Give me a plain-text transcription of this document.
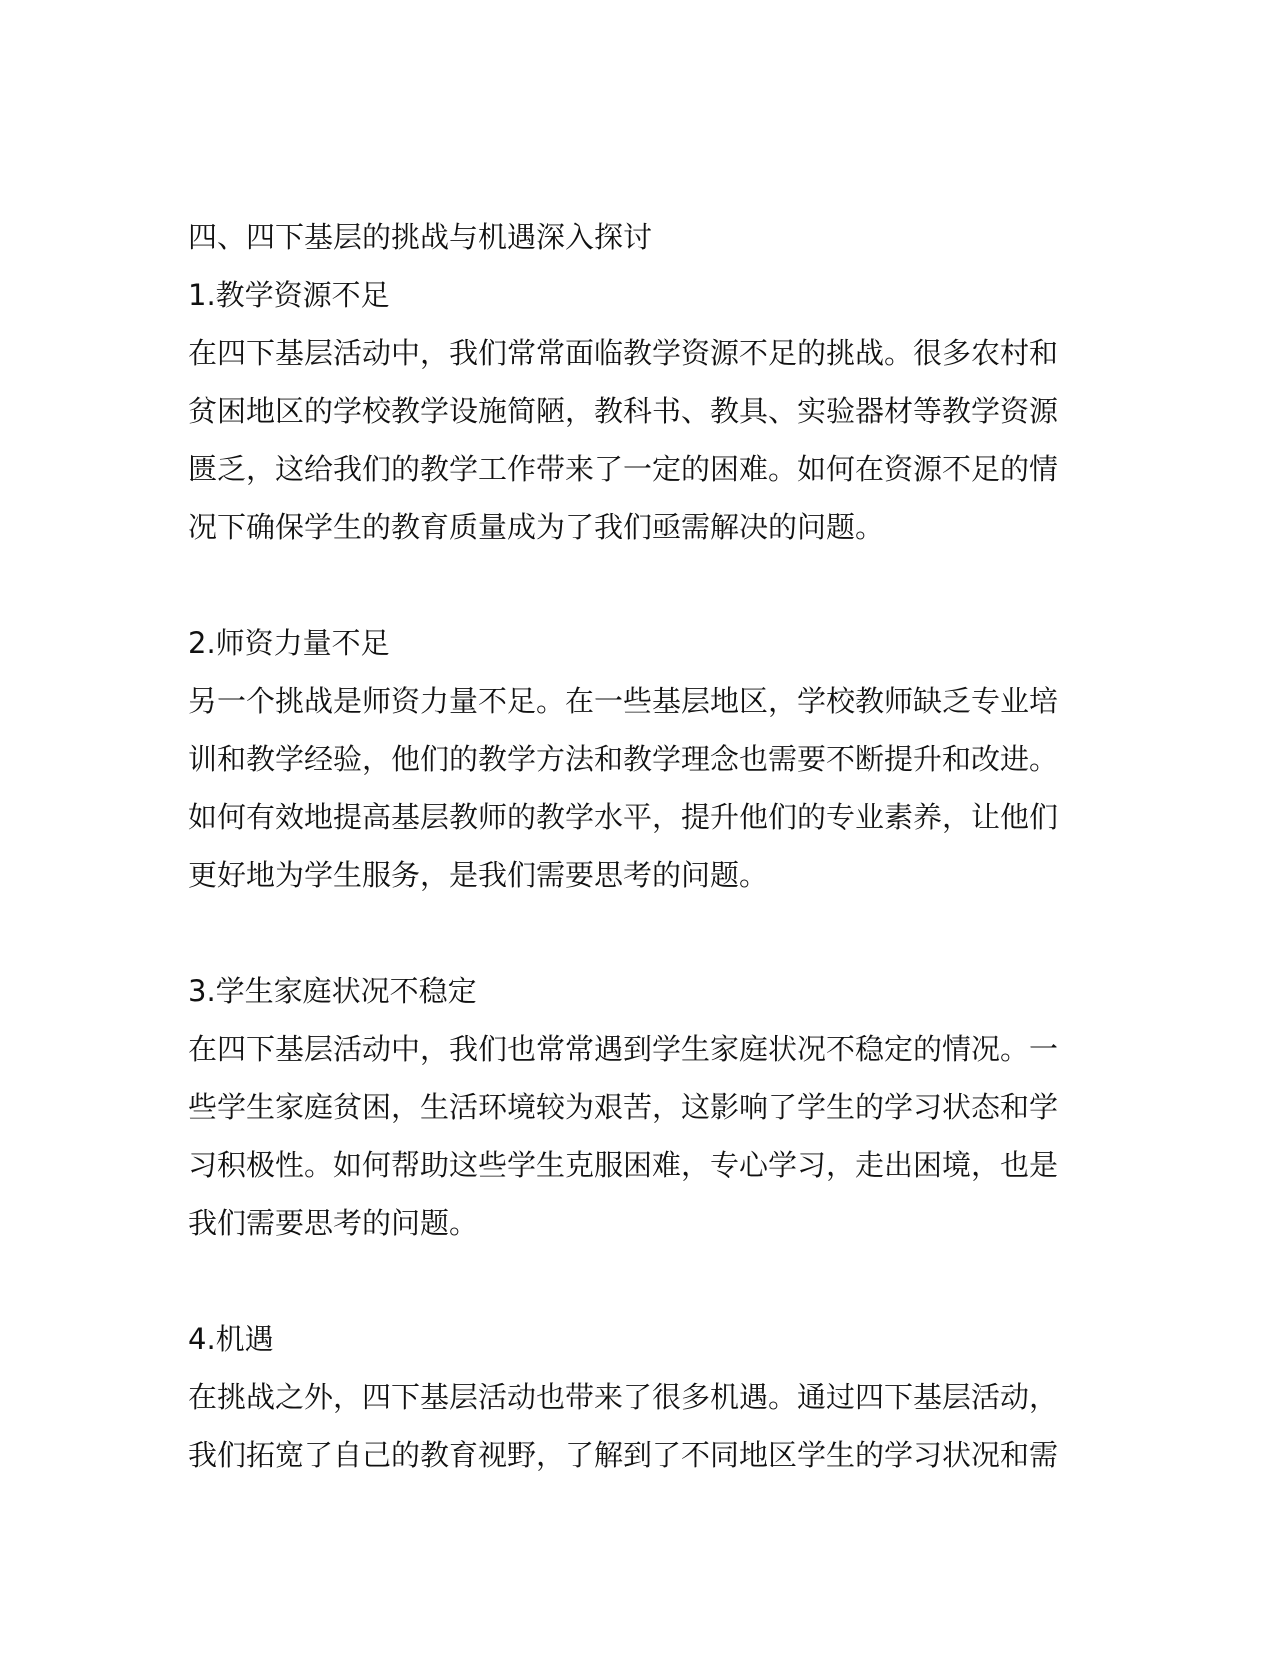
四、四下基层的挑战与机遇深入探讨
1.教学资源不足
在四下基层活动中，我们常常面临教学资源不足的挑战。很多农村和
贫困地区的学校教学设施简陋，教科书、教具、实验器材等教学资源
匮乏，这给我们的教学工作带来了一定的困难。如何在资源不足的情
况下确保学生的教育质量成为了我们亟需解决的问题。
2.师资力量不足
另一个挑战是师资力量不足。在一些基层地区，学校教师缺乏专业培
训和教学经验，他们的教学方法和教学理念也需要不断提升和改进。
如何有效地提高基层教师的教学水平，提升他们的专业素养，让他们
更好地为学生服务，是我们需要思考的问题。
3.学生家庭状况不稳定
在四下基层活动中，我们也常常遇到学生家庭状况不稳定的情况。一
些学生家庭贫困，生活环境较为艰苦，这影响了学生的学习状态和学
习积极性。如何帮助这些学生克服困难，专心学习，走出困境，也是
我们需要思考的问题。
4.机遇
在挑战之外，四下基层活动也带来了很多机遇。通过四下基层活动，
我们拓宽了自己的教育视野，了解到了不同地区学生的学习状况和需
